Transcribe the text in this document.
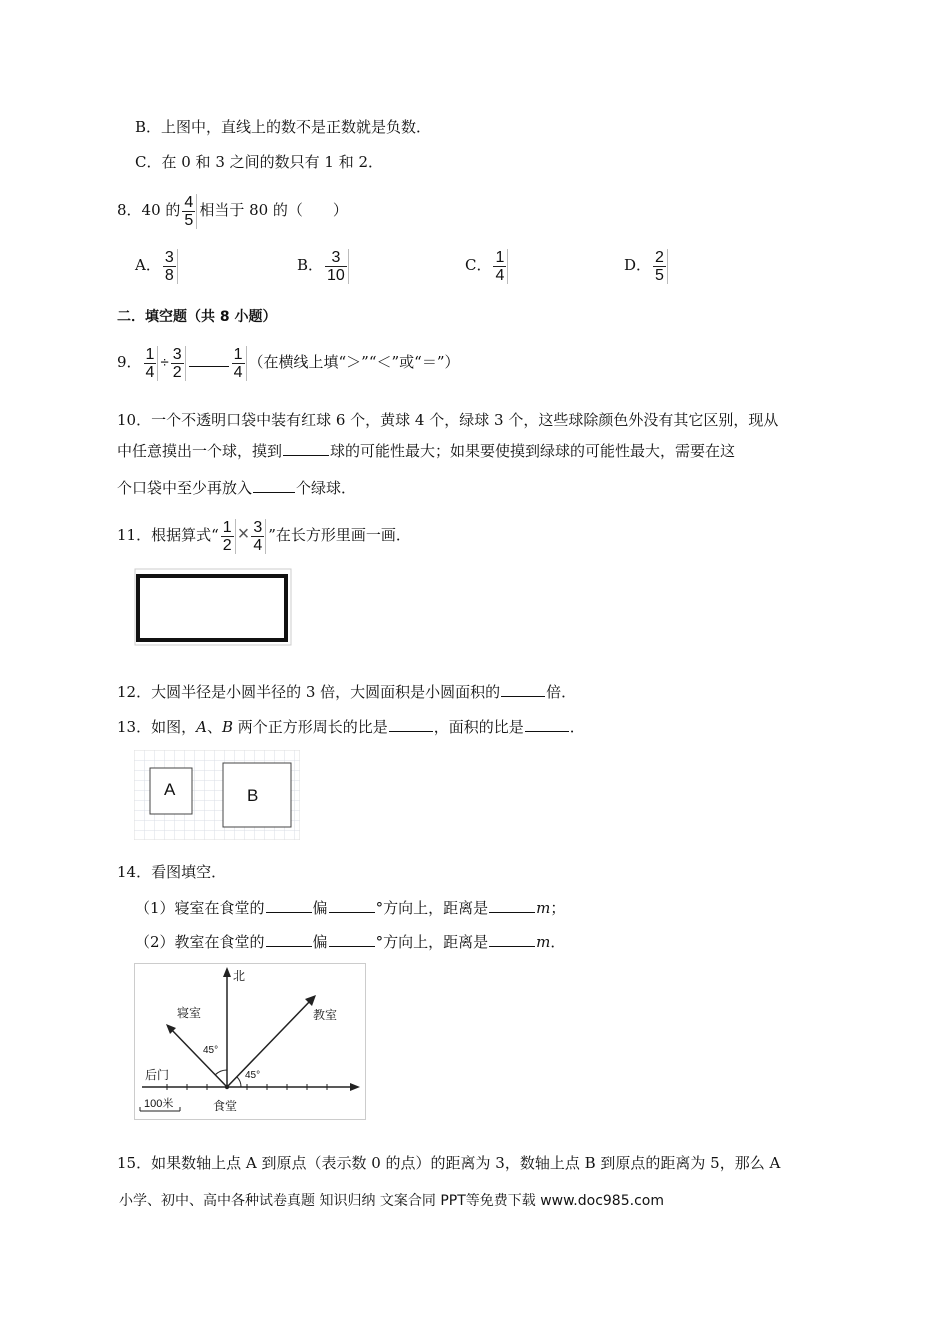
B．上图中，直线上的数不是正数就是负数．
C．在 0 和 3 之间的数只有 1 和 2．
8．40 的 $\frac{4}{5}$ 相当于 80 的（　　）
A． $\frac{3}{8}$	B． $\frac{3}{10}$	C． $\frac{1}{4}$	D． $\frac{2}{5}$
二．填空题（共 8 小题）
9． $\frac{1}{4} \div \frac{3}{2}$	$\frac{1}{4}$ （在横线上填“＞”“＜”或“＝”）
10．一个不透明口袋中装有红球 6 个，黄球 4 个，绿球 3 个，这些球除颜色外没有其它区别，现从
中任意摸出一个球，摸到	球的可能性最大；如果要使摸到绿球的可能性最大，需要在这
个口袋中至少再放入	个绿球．
11．根据算式“ $\frac{1}{2} \times \frac{3}{4}$ ”在长方形里画一画．
12．大圆半径是小圆半径的 3 倍，大圆面积是小圆面积的	倍．
13．如图，A、B 两个正方形周长的比是	，面积的比是	．
A	B
14．看图填空．
（1）寝室在食堂的	偏	°方向上，距离是	m；
（2）教室在食堂的	偏	°方向上，距离是	m．
北
寝室	教室
45°
45°
后门
食堂
100米
15．如果数轴上点 A 到原点（表示数 0 的点）的距离为 3，数轴上点 B 到原点的距离为 5，那么 A
小学、初中、高中各种试卷真题 知识归纳 文案合同 PPT等免费下载 www.doc985.com
